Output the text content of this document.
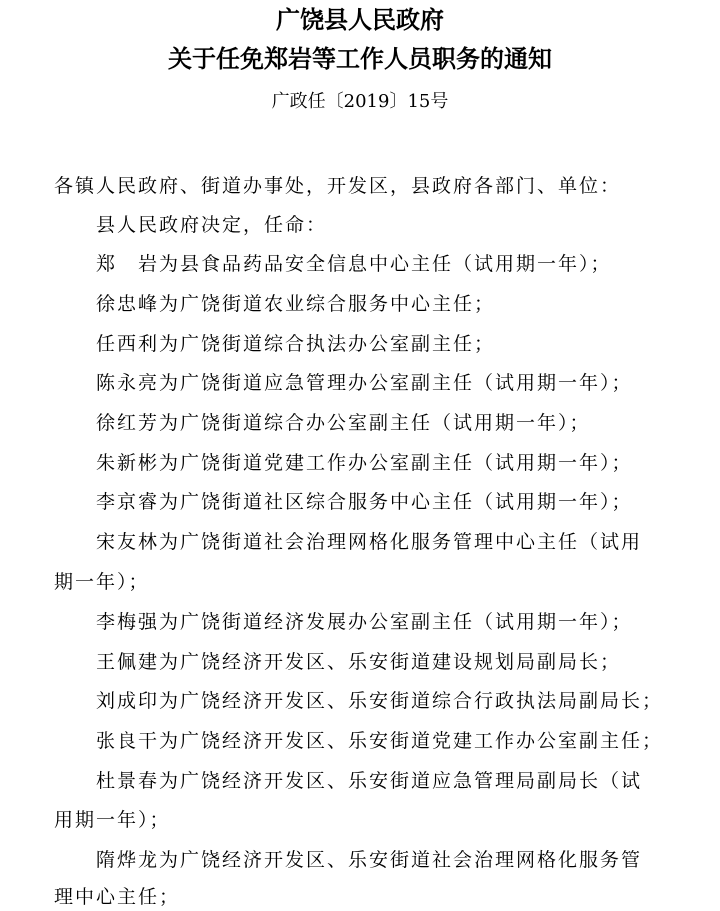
广饶县人民政府
关于任免郑岩等工作人员职务的通知
广政任〔2019〕15号
各镇人民政府、街道办事处，开发区，县政府各部门、单位：
县人民政府决定，任命：
郑　岩为县食品药品安全信息中心主任（试用期一年）；
徐忠峰为广饶街道农业综合服务中心主任；
任西利为广饶街道综合执法办公室副主任；
陈永亮为广饶街道应急管理办公室副主任（试用期一年）；
徐红芳为广饶街道综合办公室副主任（试用期一年）；
朱新彬为广饶街道党建工作办公室副主任（试用期一年）；
李京睿为广饶街道社区综合服务中心主任（试用期一年）；
宋友林为广饶街道社会治理网格化服务管理中心主任（试用
期一年）；
李梅强为广饶街道经济发展办公室副主任（试用期一年）；
王佩建为广饶经济开发区、乐安街道建设规划局副局长；
刘成印为广饶经济开发区、乐安街道综合行政执法局副局长；
张良干为广饶经济开发区、乐安街道党建工作办公室副主任；
杜景春为广饶经济开发区、乐安街道应急管理局副局长（试
用期一年）；
隋烨龙为广饶经济开发区、乐安街道社会治理网格化服务管
理中心主任；
